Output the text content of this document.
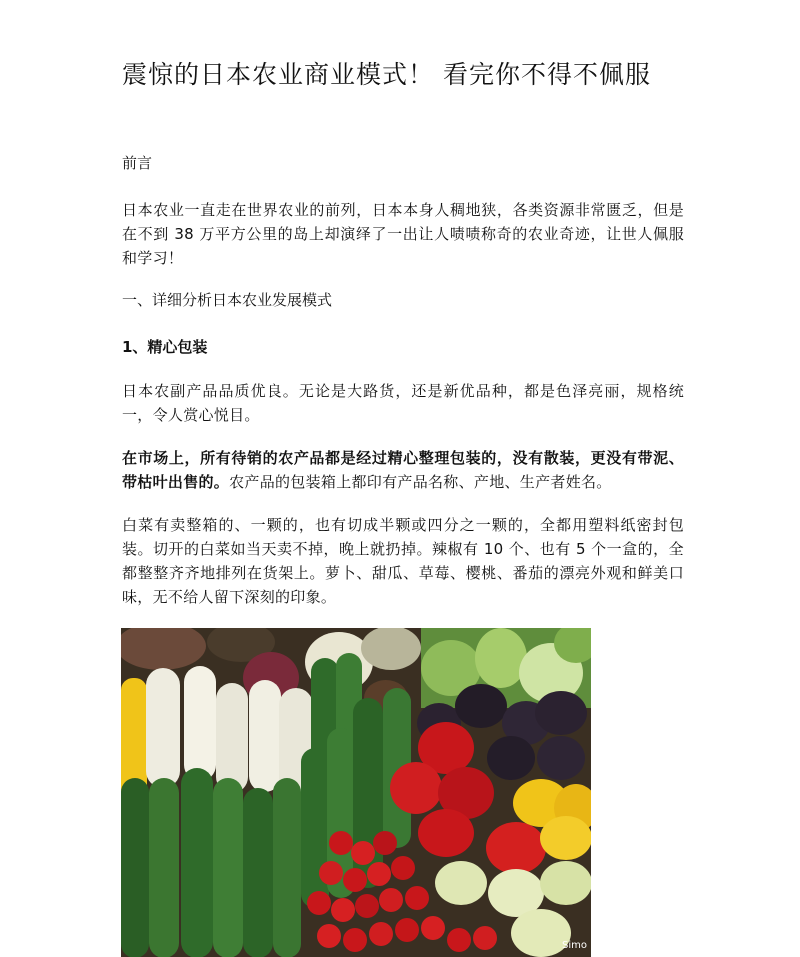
震惊的日本农业商业模式！ 看完你不得不佩服
前言
日本农业一直走在世界农业的前列，日本本身人稠地狭，各类资源非常匮乏，但是在不到 38 万平方公里的岛上却演绎了一出让人啧啧称奇的农业奇迹，让世人佩服和学习！
一、详细分析日本农业发展模式
1、精心包装
日本农副产品品质优良。无论是大路货，还是新优品种，都是色泽亮丽，规格统一，令人赏心悦目。
在市场上，所有待销的农产品都是经过精心整理包装的，没有散装，更没有带泥、带枯叶出售的。农产品的包装箱上都印有产品名称、产地、生产者姓名。
白菜有卖整箱的、一颗的，也有切成半颗或四分之一颗的，全都用塑料纸密封包装。切开的白菜如当天卖不掉，晚上就扔掉。辣椒有 10 个、也有 5 个一盒的，全都整整齐齐地排列在货架上。萝卜、甜瓜、草莓、樱桃、番茄的漂亮外观和鲜美口味，无不给人留下深刻的印象。
Simo
